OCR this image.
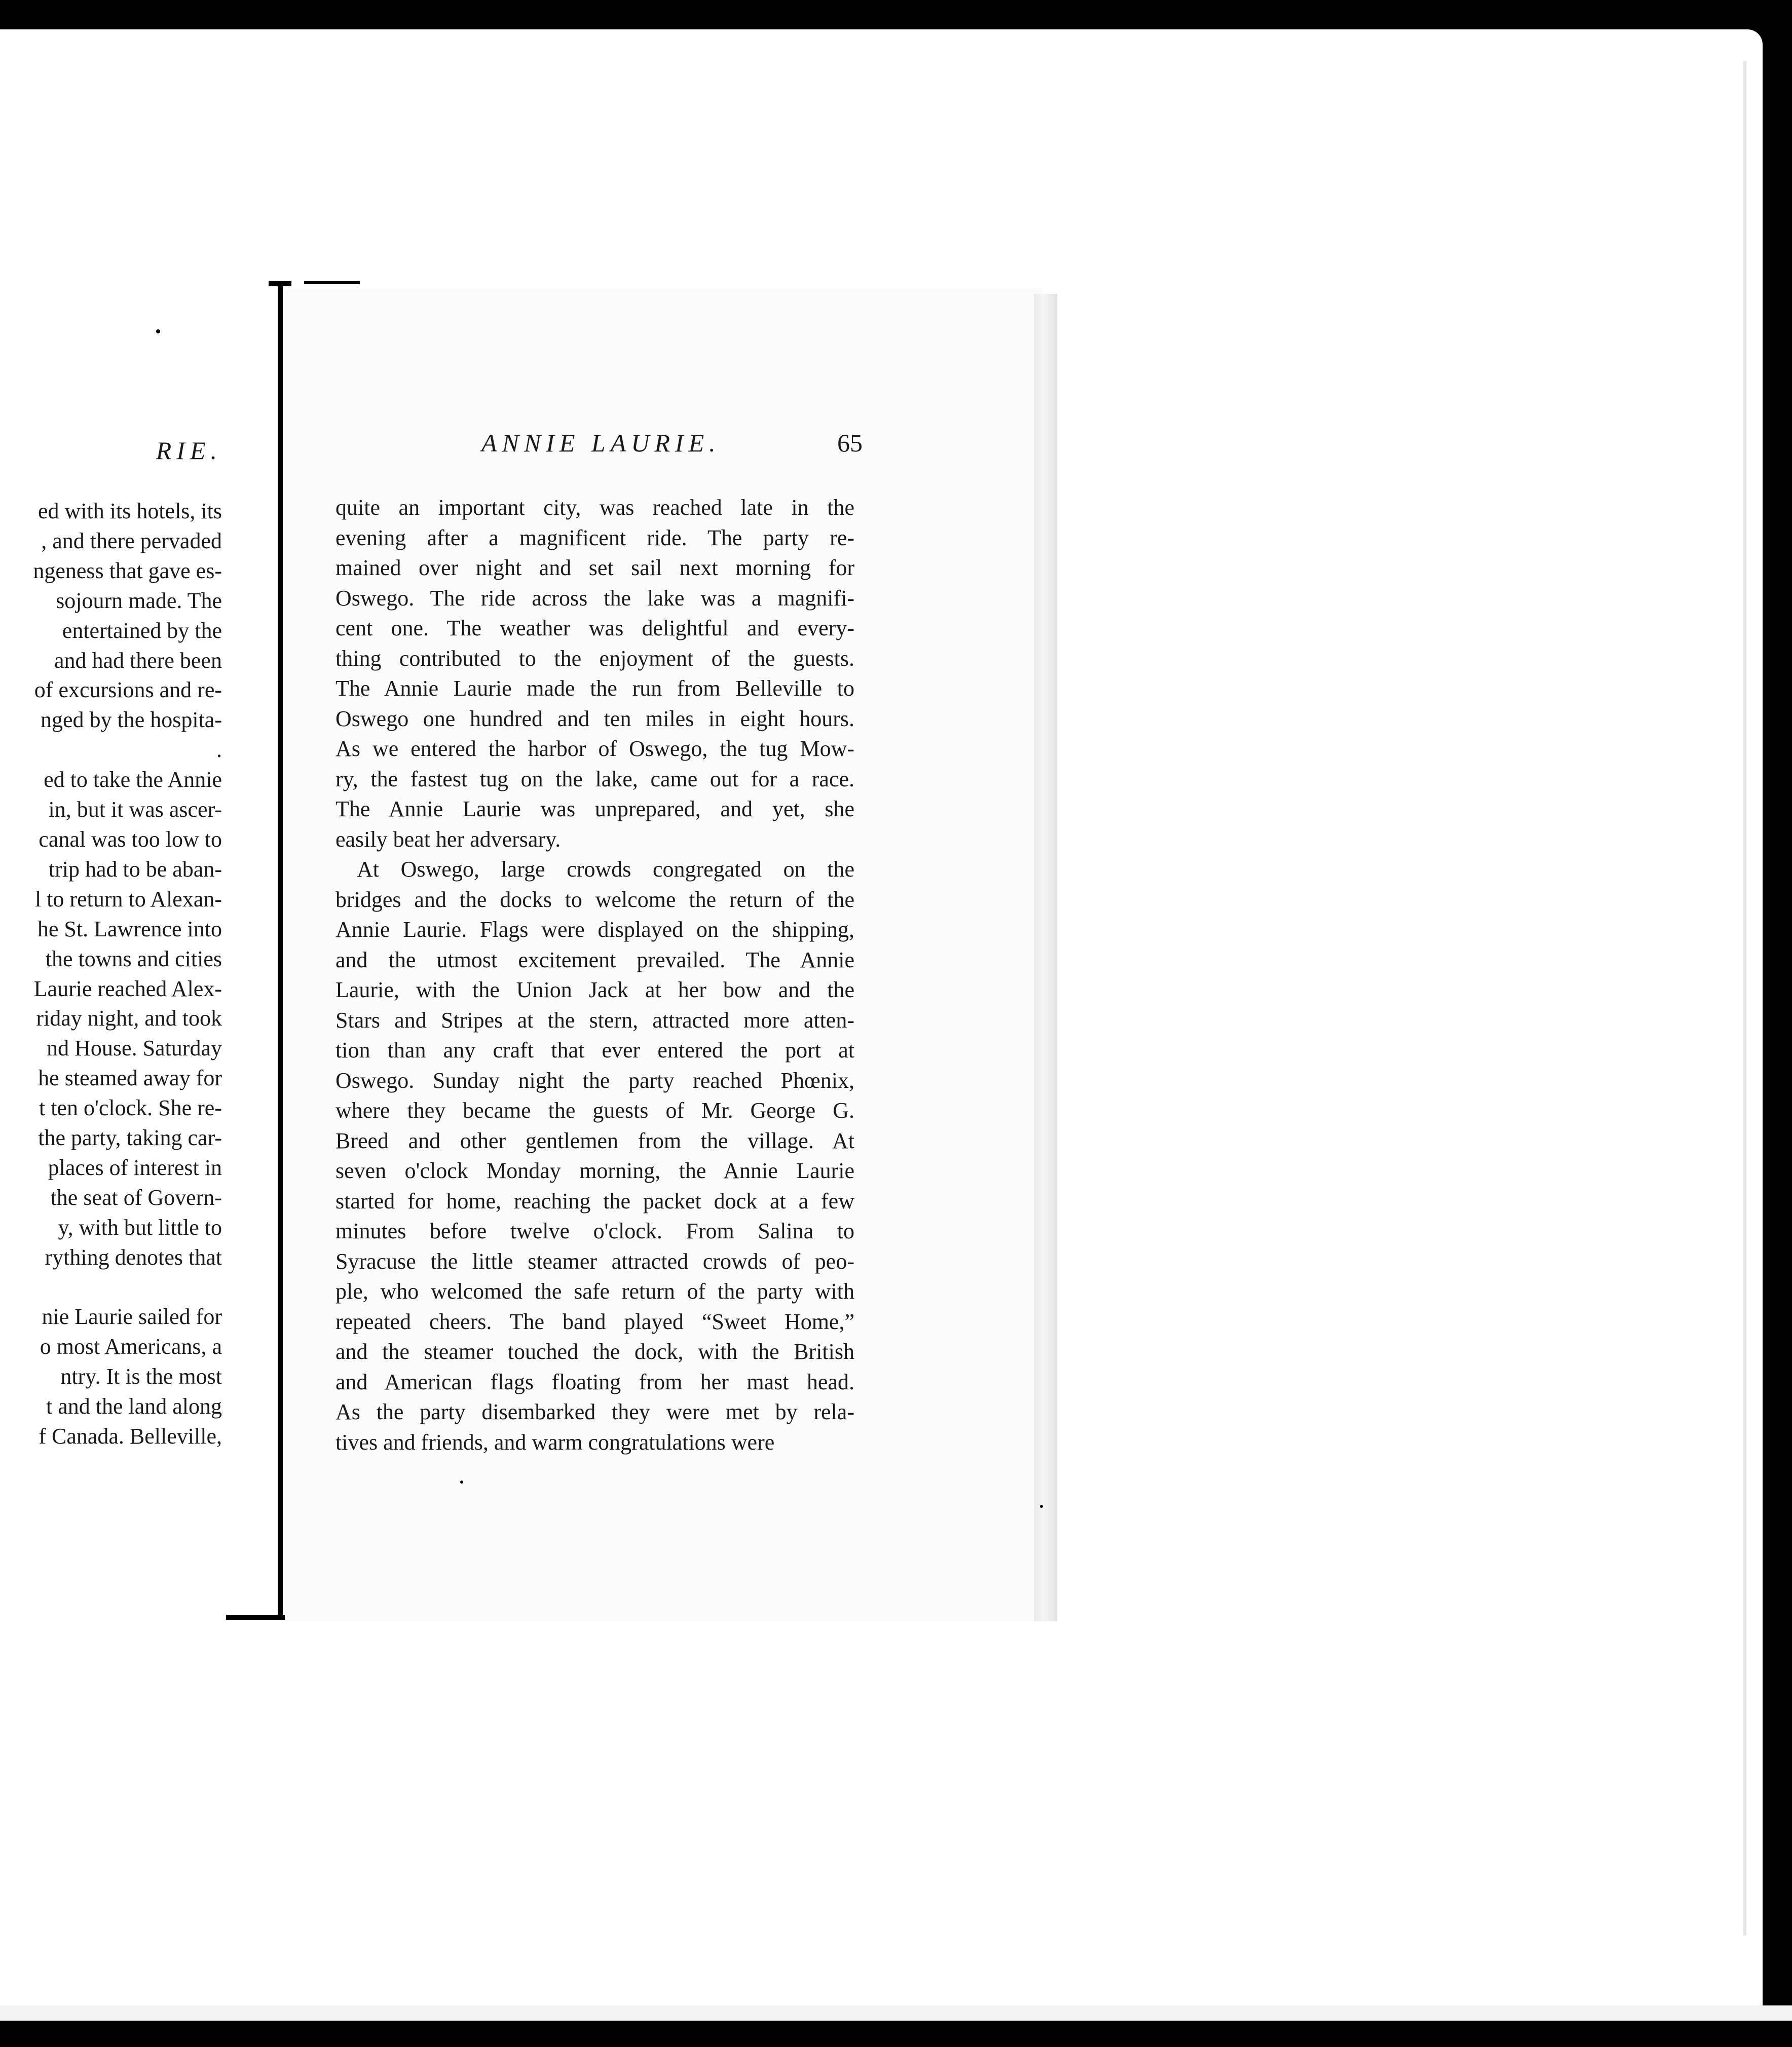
RIE.
ed with its hotels, its
, and there pervaded
ngeness that gave es-
sojourn made. The
entertained by the
and had there been
of excursions and re-
nged by the hospita-
.
ed to take the Annie
in, but it was ascer-
canal was too low to
trip had to be aban-
l to return to Alexan-
he St. Lawrence into
the towns and cities
Laurie reached Alex-
riday night, and took
nd House. Saturday
he steamed away for
t ten o'clock. She re-
the party, taking car-
places of interest in
the seat of Govern-
y, with but little to
rything denotes that

nie Laurie sailed for
o most Americans, a
ntry. It is the most
t and the land along
f Canada. Belleville,
ANNIE LAURIE.	65
quite an important city, was reached late in the
evening after a magnificent ride. The party re-
mained over night and set sail next morning for
Oswego. The ride across the lake was a magnifi-
cent one. The weather was delightful and every-
thing contributed to the enjoyment of the guests.
The Annie Laurie made the run from Belleville to
Oswego one hundred and ten miles in eight hours.
As we entered the harbor of Oswego, the tug Mow-
ry, the fastest tug on the lake, came out for a race.
The Annie Laurie was unprepared, and yet, she
easily beat her adversary.
At Oswego, large crowds congregated on the
bridges and the docks to welcome the return of the
Annie Laurie. Flags were displayed on the shipping,
and the utmost excitement prevailed. The Annie
Laurie, with the Union Jack at her bow and the
Stars and Stripes at the stern, attracted more atten-
tion than any craft that ever entered the port at
Oswego. Sunday night the party reached Phœnix,
where they became the guests of Mr. George G.
Breed and other gentlemen from the village. At
seven o'clock Monday morning, the Annie Laurie
started for home, reaching the packet dock at a few
minutes before twelve o'clock. From Salina to
Syracuse the little steamer attracted crowds of peo-
ple, who welcomed the safe return of the party with
repeated cheers. The band played “Sweet Home,”
and the steamer touched the dock, with the British
and American flags floating from her mast head.
As the party disembarked they were met by rela-
tives and friends, and warm congratulations were
